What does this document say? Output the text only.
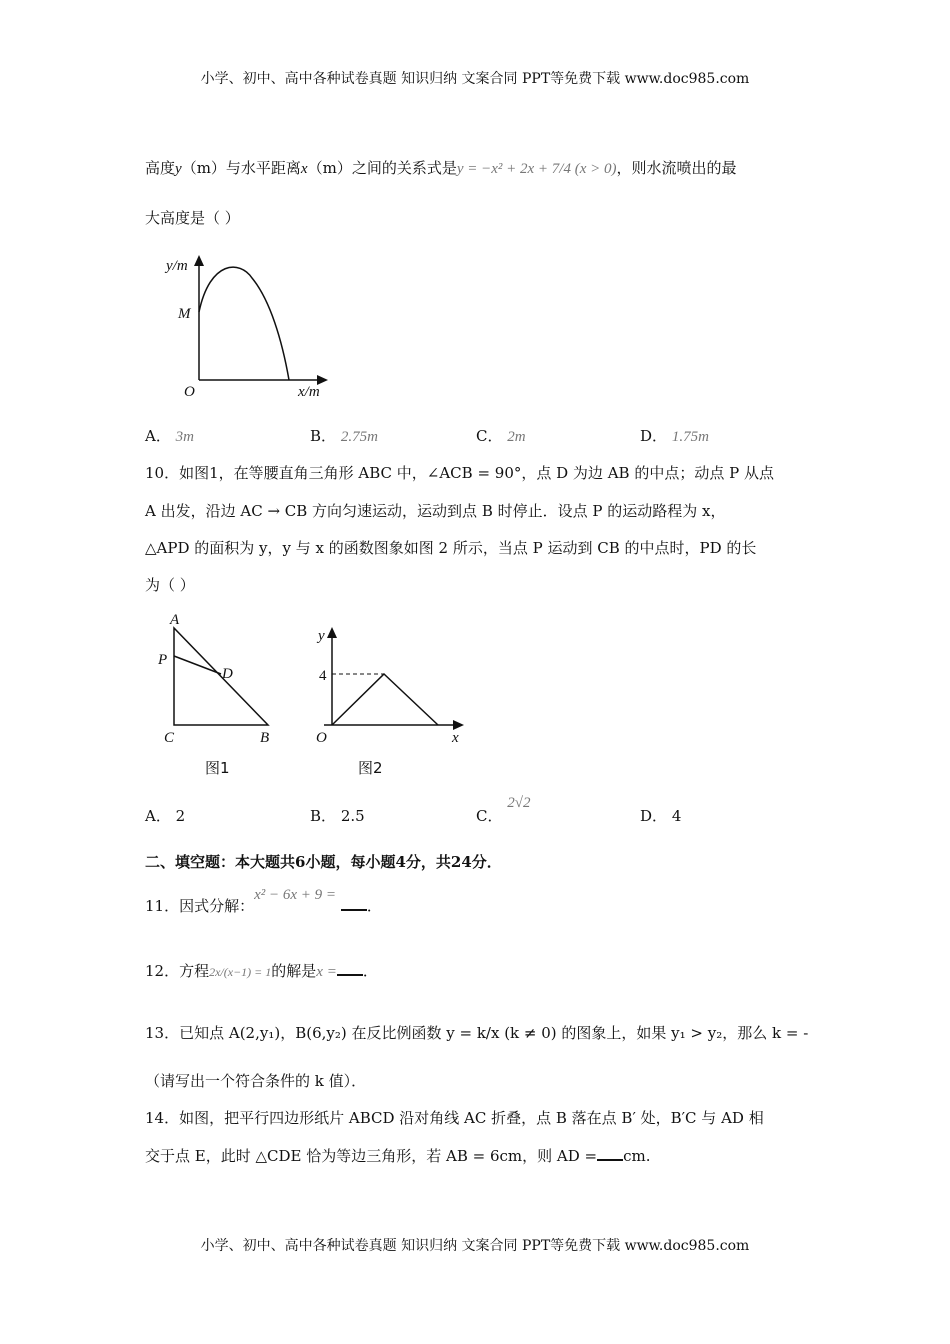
小学、初中、高中各种试卷真题 知识归纳 文案合同 PPT等免费下载 www.doc985.com
高度y（m）与水平距离x（m）之间的关系式是y = −x² + 2x + 7/4 (x > 0)，则水流喷出的最
大高度是（ ）
y/m
x/m
O
M
A． 3m	B． 2.75m	C． 2m	D． 1.75m
10．如图1，在等腰直角三角形 ABC 中，∠ACB = 90°，点 D 为边 AB 的中点；动点 P 从点
A 出发，沿边 AC → CB 方向匀速运动，运动到点 B 时停止．设点 P 的运动路程为 x，
△APD 的面积为 y，y 与 x 的函数图象如图 2 所示，当点 P 运动到 CB 的中点时，PD 的长
为（ ）
A
P
D
C	B
图1
y
x
O
4
图2
A． 2	B． 2.5	C． 2√2
D． 4
二、填空题：本大题共6小题，每小题4分，共24分．
11．因式分解：x² − 6x + 9 = ．
12．方程2x/(x−1) = 1的解是x = ．
13．已知点 A(2,y₁)，B(6,y₂) 在反比例函数 y = k/x (k ≠ 0) 的图象上，如果 y₁ > y₂，那么 k = -
（请写出一个符合条件的 k 值）．
14．如图，把平行四边形纸片 ABCD 沿对角线 AC 折叠，点 B 落在点 B′ 处，B′C 与 AD 相
交于点 E，此时 △CDE 恰为等边三角形，若 AB = 6cm，则 AD = cm.
小学、初中、高中各种试卷真题 知识归纳 文案合同 PPT等免费下载 www.doc985.com
